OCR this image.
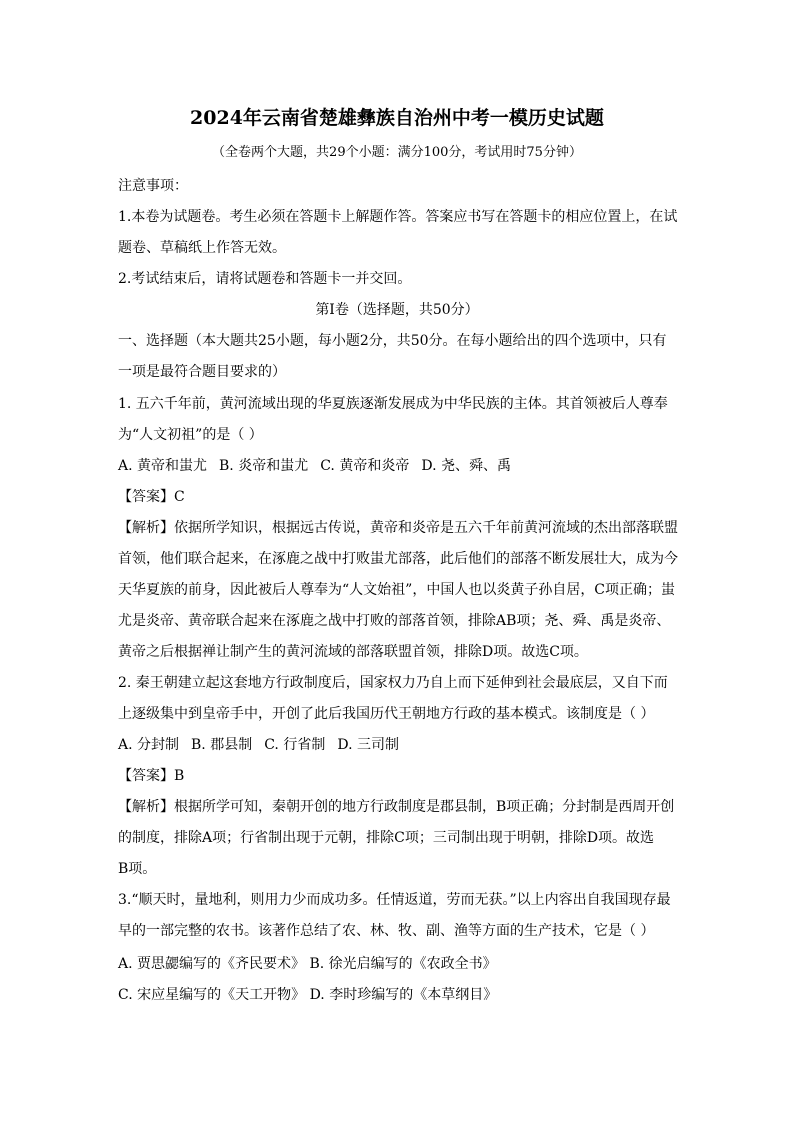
2024年云南省楚雄彝族自治州中考一模历史试题
（全卷两个大题，共29个小题：满分100分，考试用时75分钟）
注意事项：
1.本卷为试题卷。考生必须在答题卡上解题作答。答案应书写在答题卡的相应位置上，在试
题卷、草稿纸上作答无效。
2.考试结束后，请将试题卷和答题卡一并交回。
第Ⅰ卷（选择题，共50分）
一、选择题（本大题共25小题，每小题2分，共50分。在每小题给出的四个选项中，只有
一项是最符合题目要求的）
1. 五六千年前，黄河流域出现的华夏族逐渐发展成为中华民族的主体。其首领被后人尊奉
为“人文初祖”的是（ ）
A. 黄帝和蚩尤 B. 炎帝和蚩尤 C. 黄帝和炎帝 D. 尧、舜、禹
【答案】C
【解析】依据所学知识，根据远古传说，黄帝和炎帝是五六千年前黄河流域的杰出部落联盟
首领，他们联合起来，在涿鹿之战中打败蚩尤部落，此后他们的部落不断发展壮大，成为今
天华夏族的前身，因此被后人尊奉为“人文始祖”，中国人也以炎黄子孙自居，C项正确；蚩
尤是炎帝、黄帝联合起来在涿鹿之战中打败的部落首领，排除AB项；尧、舜、禹是炎帝、
黄帝之后根据禅让制产生的黄河流域的部落联盟首领，排除D项。故选C项。
2. 秦王朝建立起这套地方行政制度后，国家权力乃自上而下延伸到社会最底层，又自下而
上逐级集中到皇帝手中，开创了此后我国历代王朝地方行政的基本模式。该制度是（ ）
A. 分封制 B. 郡县制 C. 行省制 D. 三司制
【答案】B
【解析】根据所学可知，秦朝开创的地方行政制度是郡县制，B项正确；分封制是西周开创
的制度，排除A项；行省制出现于元朝，排除C项；三司制出现于明朝，排除D项。故选
B项。
3.“顺天时，量地利，则用力少而成功多。任情返道，劳而无获。”以上内容出自我国现存最
早的一部完整的农书。该著作总结了农、林、牧、副、渔等方面的生产技术，它是（ ）
A. 贾思勰编写的《齐民要术》 B. 徐光启编写的《农政全书》
C. 宋应星编写的《天工开物》 D. 李时珍编写的《本草纲目》
